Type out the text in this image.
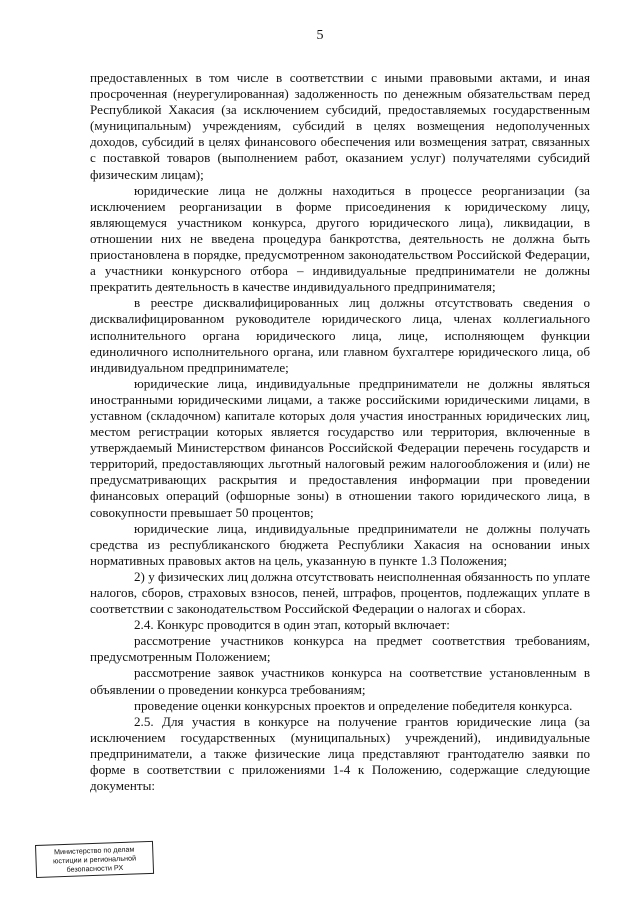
5

предоставленных в том числе в соответствии с иными правовыми актами, и иная просроченная (неурегулированная) задолженность по денежным обязательствам перед Республикой Хакасия (за исключением субсидий, предоставляемых государственным (муниципальным) учреждениям, субсидий в целях возмещения недополученных доходов, субсидий в целях финансового обеспечения или возмещения затрат, связанных с поставкой товаров (выполнением работ, оказанием услуг) получателями субсидий физическим лицам);

юридические лица не должны находиться в процессе реорганизации (за исключением реорганизации в форме присоединения к юридическому лицу, являющемуся участником конкурса, другого юридического лица), ликвидации, в отношении них не введена процедура банкротства, деятельность не должна быть приостановлена в порядке, предусмотренном законодательством Российской Федерации, а участники конкурсного отбора – индивидуальные предприниматели не должны прекратить деятельность в качестве индивидуального предпринимателя;

в реестре дисквалифицированных лиц должны отсутствовать сведения о дисквалифицированном руководителе юридического лица, членах коллегиального исполнительного органа юридического лица, лице, исполняющем функции единоличного исполнительного органа, или главном бухгалтере юридического лица, об индивидуальном предпринимателе;

юридические лица, индивидуальные предприниматели не должны являться иностранными юридическими лицами, а также российскими юридическими лицами, в уставном (складочном) капитале которых доля участия иностранных юридических лиц, местом регистрации которых является государство или территория, включенные в утверждаемый Министерством финансов Российской Федерации перечень государств и территорий, предоставляющих льготный налоговый режим налогообложения и (или) не предусматривающих раскрытия и предоставления информации при проведении финансовых операций (офшорные зоны) в отношении такого юридического лица, в совокупности превышает 50 процентов;

юридические лица, индивидуальные предприниматели не должны получать средства из республиканского бюджета Республики Хакасия на основании иных нормативных правовых актов на цель, указанную в пункте 1.3 Положения;

2) у физических лиц должна отсутствовать неисполненная обязанность по уплате налогов, сборов, страховых взносов, пеней, штрафов, процентов, подлежащих уплате в соответствии с законодательством Российской Федерации о налогах и сборах.

2.4. Конкурс проводится в один этап, который включает:

рассмотрение участников конкурса на предмет соответствия требованиям, предусмотренным Положением;

рассмотрение заявок участников конкурса на соответствие установленным в объявлении о проведении конкурса требованиям;

проведение оценки конкурсных проектов и определение победителя конкурса.

2.5. Для участия в конкурсе на получение грантов юридические лица (за исключением государственных (муниципальных) учреждений), индивидуальные предприниматели, а также физические лица представляют грантодателю заявки по форме в соответствии с приложениями 1-4 к Положению, содержащие следующие документы:

Министерство по делам
юстиции и региональной
безопасности РХ
